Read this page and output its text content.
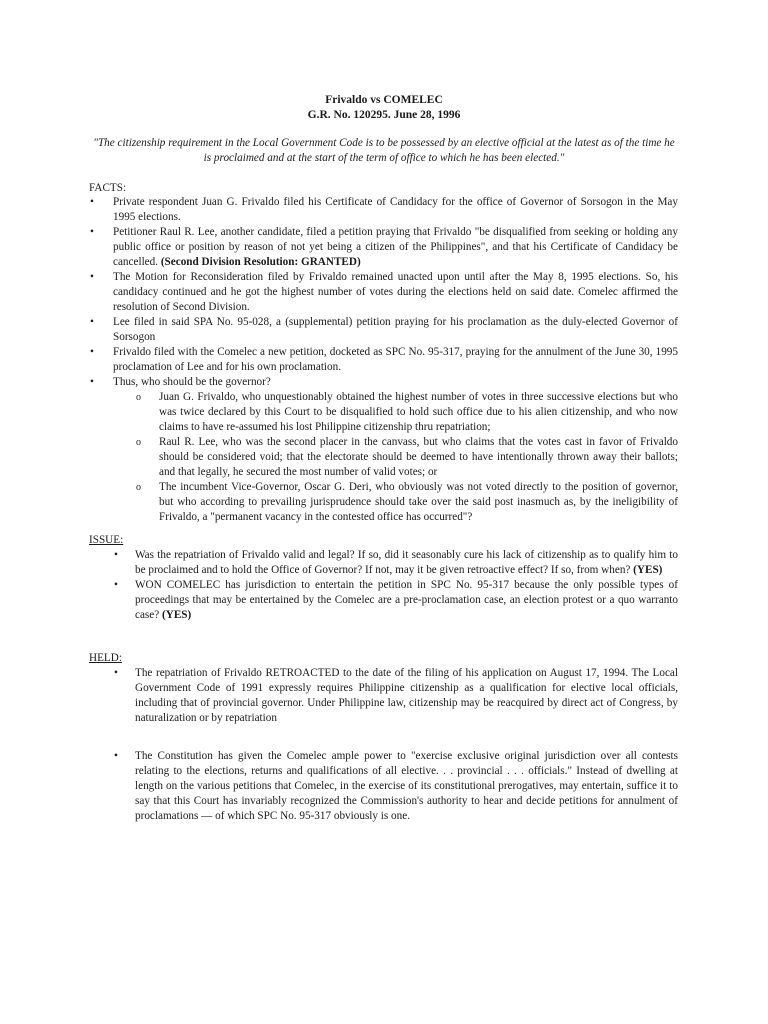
Frivaldo vs COMELEC
G.R. No. 120295. June 28, 1996
"The citizenship requirement in the Local Government Code is to be possessed by an elective official at the latest as of the time he is proclaimed and at the start of the term of office to which he has been elected."
FACTS:
• Private respondent Juan G. Frivaldo filed his Certificate of Candidacy for the office of Governor of Sorsogon in the May 1995 elections.
• Petitioner Raul R. Lee, another candidate, filed a petition praying that Frivaldo "be disqualified from seeking or holding any public office or position by reason of not yet being a citizen of the Philippines", and that his Certificate of Candidacy be cancelled. (Second Division Resolution: GRANTED)
• The Motion for Reconsideration filed by Frivaldo remained unacted upon until after the May 8, 1995 elections. So, his candidacy continued and he got the highest number of votes during the elections held on said date. Comelec affirmed the resolution of Second Division.
• Lee filed in said SPA No. 95-028, a (supplemental) petition praying for his proclamation as the duly-elected Governor of Sorsogon
• Frivaldo filed with the Comelec a new petition, docketed as SPC No. 95-317, praying for the annulment of the June 30, 1995 proclamation of Lee and for his own proclamation.
• Thus, who should be the governor?
o Juan G. Frivaldo, who unquestionably obtained the highest number of votes in three successive elections but who was twice declared by this Court to be disqualified to hold such office due to his alien citizenship, and who now claims to have re-assumed his lost Philippine citizenship thru repatriation;
o Raul R. Lee, who was the second placer in the canvass, but who claims that the votes cast in favor of Frivaldo should be considered void; that the electorate should be deemed to have intentionally thrown away their ballots; and that legally, he secured the most number of valid votes; or
o The incumbent Vice-Governor, Oscar G. Deri, who obviously was not voted directly to the position of governor, but who according to prevailing jurisprudence should take over the said post inasmuch as, by the ineligibility of Frivaldo, a "permanent vacancy in the contested office has occurred"?
ISSUE:
• Was the repatriation of Frivaldo valid and legal? If so, did it seasonably cure his lack of citizenship as to qualify him to be proclaimed and to hold the Office of Governor? If not, may it be given retroactive effect? If so, from when? (YES)
• WON COMELEC has jurisdiction to entertain the petition in SPC No. 95-317 because the only possible types of proceedings that may be entertained by the Comelec are a pre-proclamation case, an election protest or a quo warranto case? (YES)
HELD:
• The repatriation of Frivaldo RETROACTED to the date of the filing of his application on August 17, 1994. The Local Government Code of 1991 expressly requires Philippine citizenship as a qualification for elective local officials, including that of provincial governor. Under Philippine law, citizenship may be reacquired by direct act of Congress, by naturalization or by repatriation
• The Constitution has given the Comelec ample power to "exercise exclusive original jurisdiction over all contests relating to the elections, returns and qualifications of all elective. . . provincial . . . officials." Instead of dwelling at length on the various petitions that Comelec, in the exercise of its constitutional prerogatives, may entertain, suffice it to say that this Court has invariably recognized the Commission's authority to hear and decide petitions for annulment of proclamations — of which SPC No. 95-317 obviously is one.
